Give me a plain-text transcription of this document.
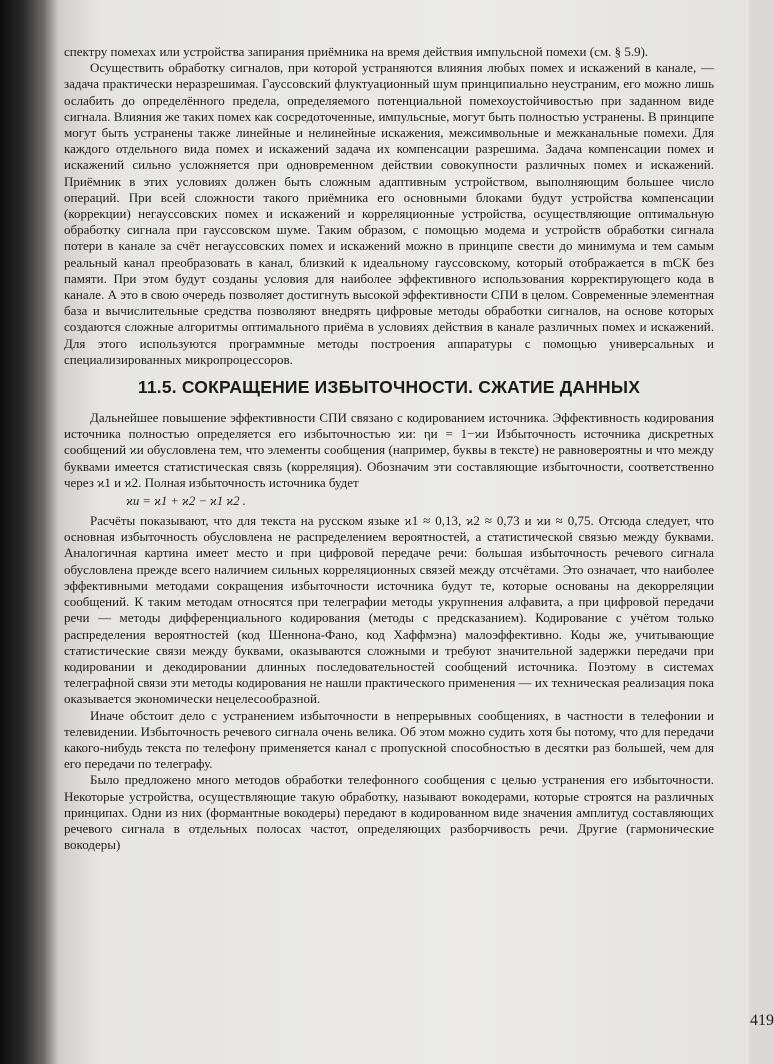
спектру помехах или устройства запирания приёмника на время действия импульсной помехи (см. § 5.9).

Осуществить обработку сигналов, при которой устраняются влияния любых помех и искажений в канале, — задача практически неразрешимая. Гауссовский флуктуационный шум принципиально неустраним, его можно лишь ослабить до определённого предела, определяемого потенциальной помехоустойчивостью при заданном виде сигнала. Влияния же таких помех как сосредоточенные, импульсные, могут быть полностью устранены. В принципе могут быть устранены также линейные и нелинейные искажения, межсимвольные и межканальные помехи. Для каждого отдельного вида помех и искажений задача их компенсации разрешима. Задача компенсации помех и искажений сильно усложняется при одновременном действии совокупности различных помех и искажений. Приёмник в этих условиях должен быть сложным адаптивным устройством, выполняющим большее число операций. При всей сложности такого приёмника его основными блоками будут устройства компенсации (коррекции) негауссовских помех и искажений и корреляционные устройства, осуществляющие оптимальную обработку сигнала при гауссовском шуме. Таким образом, с помощью модема и устройств обработки сигнала потери в канале за счёт негауссовских помех и искажений можно в принципе свести до минимума и тем самым реальный канал преобразовать в канал, близкий к идеальному гауссовскому, который отображается в mСК без памяти. При этом будут созданы условия для наиболее эффективного использования корректирующего кода в канале. А это в свою очередь позволяет достигнуть высокой эффективности СПИ в целом. Современные элементная база и вычислительные средства позволяют внедрять цифровые методы обработки сигналов, на основе которых создаются сложные алгоритмы оптимального приёма в условиях действия в канале различных помех и искажений. Для этого используются программные методы построения аппаратуры с помощью универсальных и специализированных микропроцессоров.

11.5. СОКРАЩЕНИЕ ИЗБЫТОЧНОСТИ. СЖАТИЕ ДАННЫХ

Дальнейшее повышение эффективности СПИ связано с кодированием источника. Эффективность кодирования источника полностью определяется его избыточностью ϰи: ηи = 1−ϰи Избыточность источника дискретных сообщений ϰи обусловлена тем, что элементы сообщения (например, буквы в тексте) не равновероятны и что между буквами имеется статистическая связь (корреляция). Обозначим эти составляющие избыточности, соответственно через ϰ1 и ϰ2. Полная избыточность источника будет

ϰи = ϰ1 + ϰ2 − ϰ1 ϰ2 .

Расчёты показывают, что для текста на русском языке ϰ1 ≈ 0,13, ϰ2 ≈ 0,73 и ϰи ≈ 0,75. Отсюда следует, что основная избыточность обусловлена не распределением вероятностей, а статистической связью между буквами. Аналогичная картина имеет место и при цифровой передаче речи: большая избыточность речевого сигнала обусловлена прежде всего наличием сильных корреляционных связей между отсчётами. Это означает, что наиболее эффективными методами сокращения избыточности источника будут те, которые основаны на декорреляции сообщений. К таким методам относятся при телеграфии методы укрупнения алфавита, а при цифровой передачи речи — методы дифференциального кодирования (методы с предсказанием). Кодирование с учётом только распределения вероятностей (код Шеннона-Фано, код Хаффмэна) малоэффективно. Коды же, учитывающие статистические связи между буквами, оказываются сложными и требуют значительной задержки передачи при кодировании и декодировании длинных последовательностей сообщений источника. Поэтому в системах телеграфной связи эти методы кодирования не нашли практического применения — их техническая реализация пока оказывается экономически нецелесообразной.

Иначе обстоит дело с устранением избыточности в непрерывных сообщениях, в частности в телефонии и телевидении. Избыточность речевого сигнала очень велика. Об этом можно судить хотя бы потому, что для передачи какого-нибудь текста по телефону применяется канал с пропускной способностью в десятки раз большей, чем для его передачи по телеграфу.

Было предложено много методов обработки телефонного сообщения с целью устранения его избыточности. Некоторые устройства, осуществляющие такую обработку, называют вокодерами, которые строятся на различных принципах. Одни из них (формантные вокодеры) передают в кодированном виде значения амплитуд составляющих речевого сигнала в отдельных полосах частот, определяющих разборчивость речи. Другие (гармонические вокодеры)

419
